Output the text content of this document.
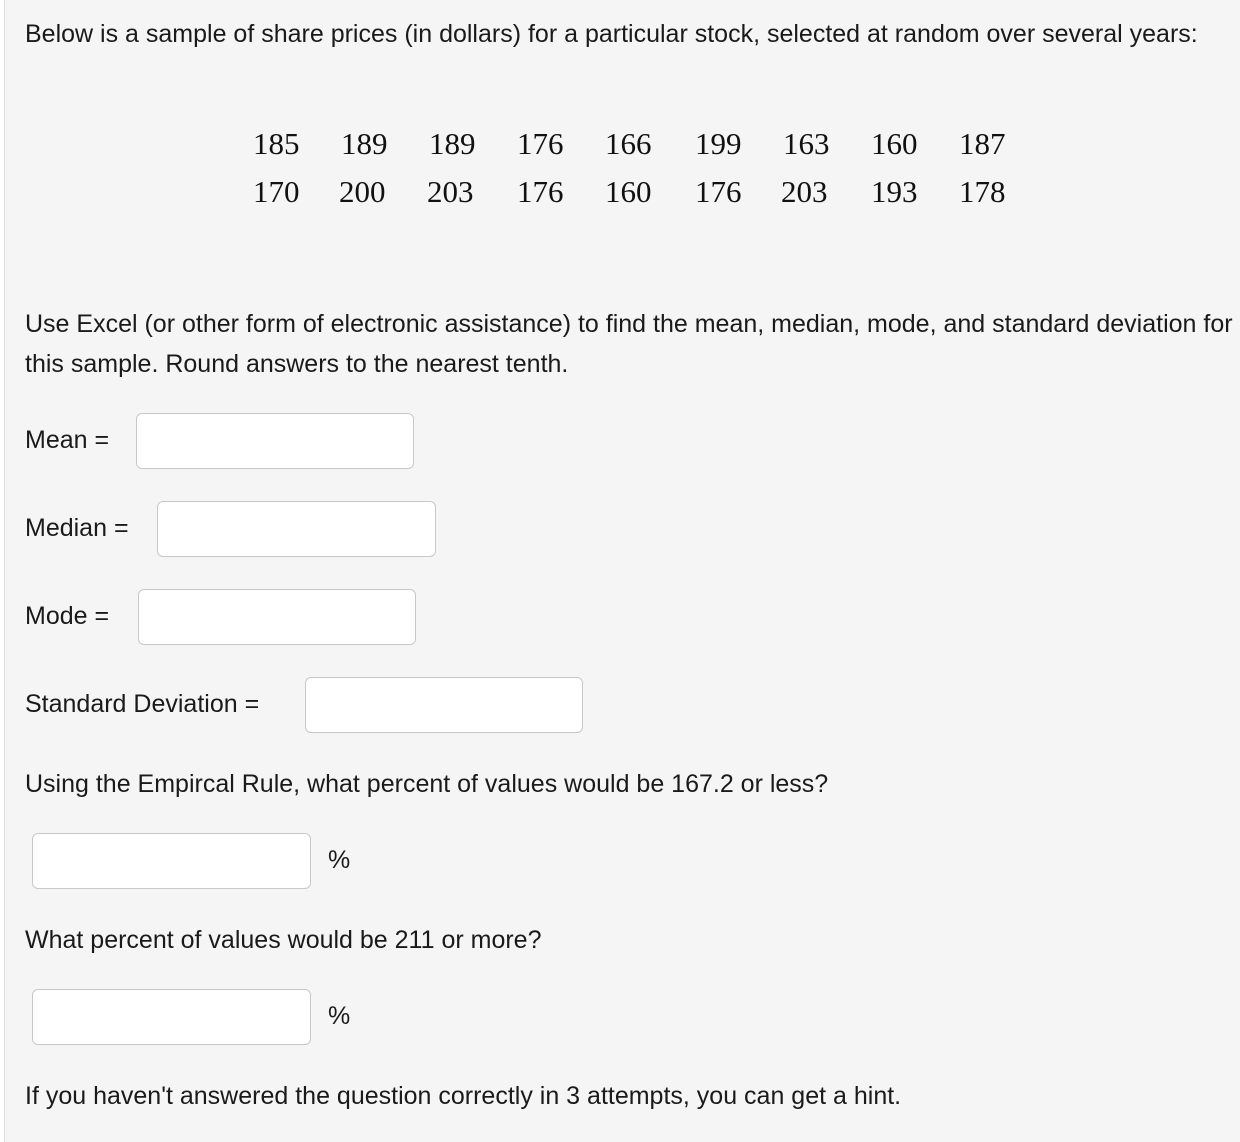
Below is a sample of share prices (in dollars) for a particular stock, selected at random over several years:
185	189	189	176	166	199	163	160	187
170	200	203	176	160	176	203	193	178
Use Excel (or other form of electronic assistance) to find the mean, median, mode, and standard deviation for this sample. Round answers to the nearest tenth.
Mean =
Median =
Mode =
Standard Deviation =
Using the Empircal Rule, what percent of values would be 167.2 or less?
%
What percent of values would be 211 or more?
%
If you haven't answered the question correctly in 3 attempts, you can get a hint.
